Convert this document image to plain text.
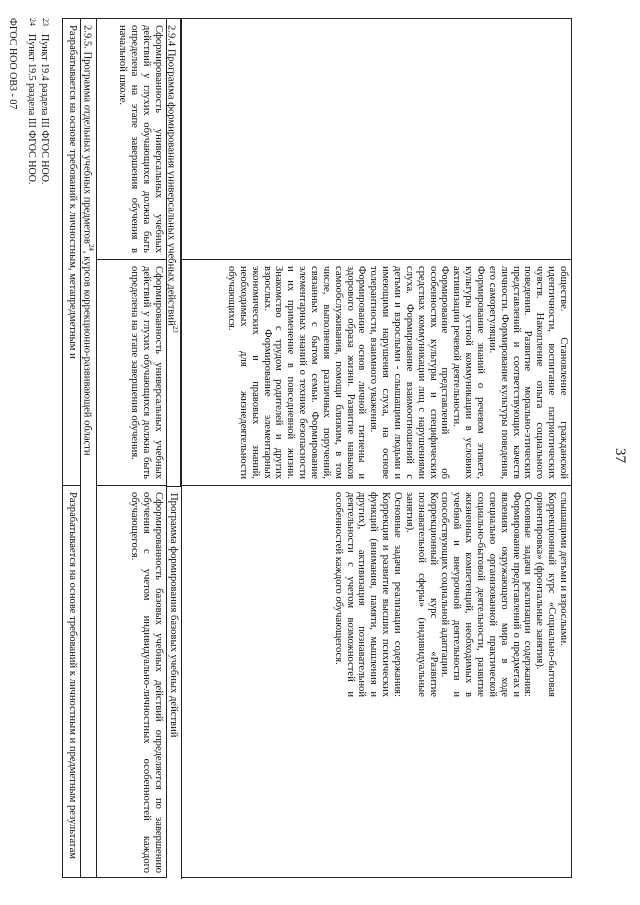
37

обществе. Становление гражданской идентичности, воспитание патриотических чувств. Накопление опыта социального поведения. Развитие морально-этических представлений и соответствующих качеств личности. Формирование культуры поведения, его саморегуляции.

Формирование знаний о речевом этикете, культуры устной коммуникации в условиях активизации речевой деятельности.

Формирование представлений об особенностях культуры и специфических средствах коммуникации лиц с нарушениями слуха. Формирование взаимоотношений с детьми и взрослыми - слышащими людьми и имеющими нарушения слуха, на основе толерантности, взаимного уважения.

Формирование основ личной гигиены и здорового образа жизни. Развитие навыков самообслуживания, помощи близким, в том числе, выполнения различных поручений, связанных с бытом семьи. Формирование элементарных знаний о технике безопасности и их применение в повседневной жизни. Знакомство с трудом родителей и других взрослых. Формирование элементарных экономических и правовых знаний, необходимых для жизнедеятельности обучающихся.

слышащими детьми и взрослыми.

Коррекционный курс «Социально-бытовая ориентировка» (фронтальные занятия).

Основные задачи реализации содержания: Формирование представлений о предметах и явлениях окружающего мира в ходе специально организованной практической социально-бытовой деятельности, развитие жизненных компетенций, необходимых в учебной и внеурочной деятельности и способствующих социальной адаптации.

Коррекционный курс «Развитие познавательной сферы» (индивидуальные занятия).

Основные задачи реализации содержания: Коррекция и развитие высших психических функций (внимания, памяти, мышления и других), активизация познавательной деятельности с учетом возможностей и особенностей каждого обучающегося.

2.9.4 Программа формирования универсальных учебных действий$^{23}$
Программа формирования базовых учебных действий
Сформированность универсальных учебных действий у глухих обучающихся должна быть определена на этапе завершения обучения в начальной школе.
Сформированность универсальных учебных действий у глухих обучающихся должна быть определена на этапе завершения обучения.
Сформированность базовых учебных действий определяется по завершению обучения с учетом индивидуально-личностных особенностей каждого обучающегося.
2.9.5. Программа отдельных учебных предметов$^{24}$, курсов коррекционно-развивающей области
Разрабатывается на основе требований к личностным, метапредметным и
Разрабатывается на основе требований к личностным и предметным результатам
23Пункт 19.4 раздела III ФГОС НОО.
24Пункт 19.5 раздела III ФГОС НОО.
ФГОС НОО ОВЗ - 07
